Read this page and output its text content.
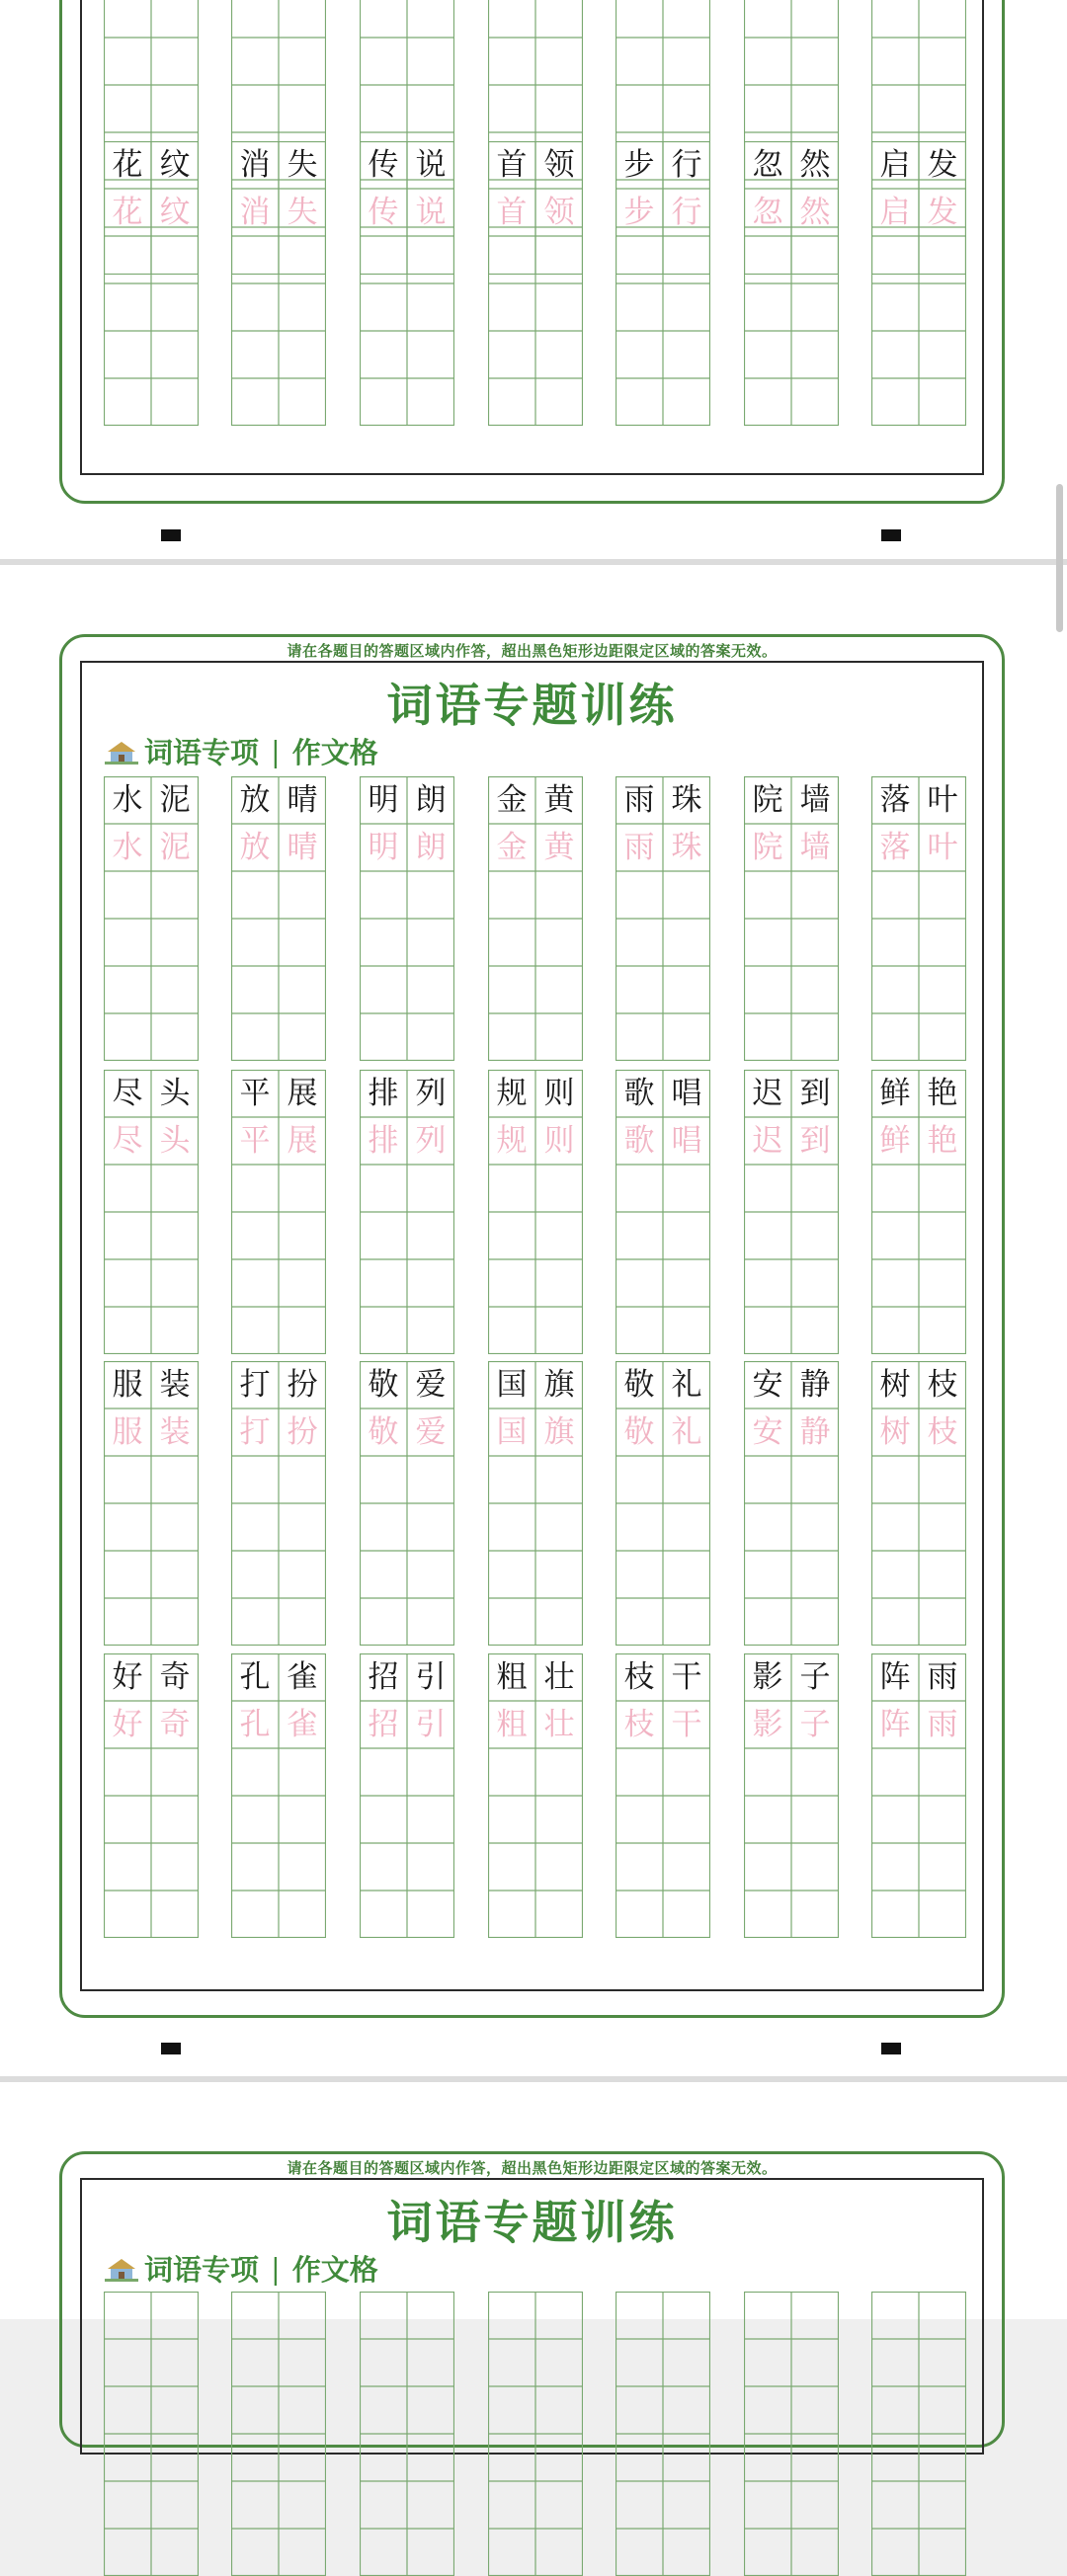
花
花
纹
纹
消
消
失
失
传
传
说
说
首
首
领
领
步
步
行
行
忽
忽
然
然
启
启
发
发
请在各题目的答题区域内作答，超出黑色矩形边距限定区域的答案无效。
词语专题训练
词语专项 | 作文格
水
水
泥
泥
放
放
晴
晴
明
明
朗
朗
金
金
黄
黄
雨
雨
珠
珠
院
院
墙
墙
落
落
叶
叶
尽
尽
头
头
平
平
展
展
排
排
列
列
规
规
则
则
歌
歌
唱
唱
迟
迟
到
到
鲜
鲜
艳
艳
服
服
装
装
打
打
扮
扮
敬
敬
爱
爱
国
国
旗
旗
敬
敬
礼
礼
安
安
静
静
树
树
枝
枝
好
好
奇
奇
孔
孔
雀
雀
招
招
引
引
粗
粗
壮
壮
枝
枝
干
干
影
影
子
子
阵
阵
雨
雨
请在各题目的答题区域内作答，超出黑色矩形边距限定区域的答案无效。
词语专题训练
词语专项 | 作文格
